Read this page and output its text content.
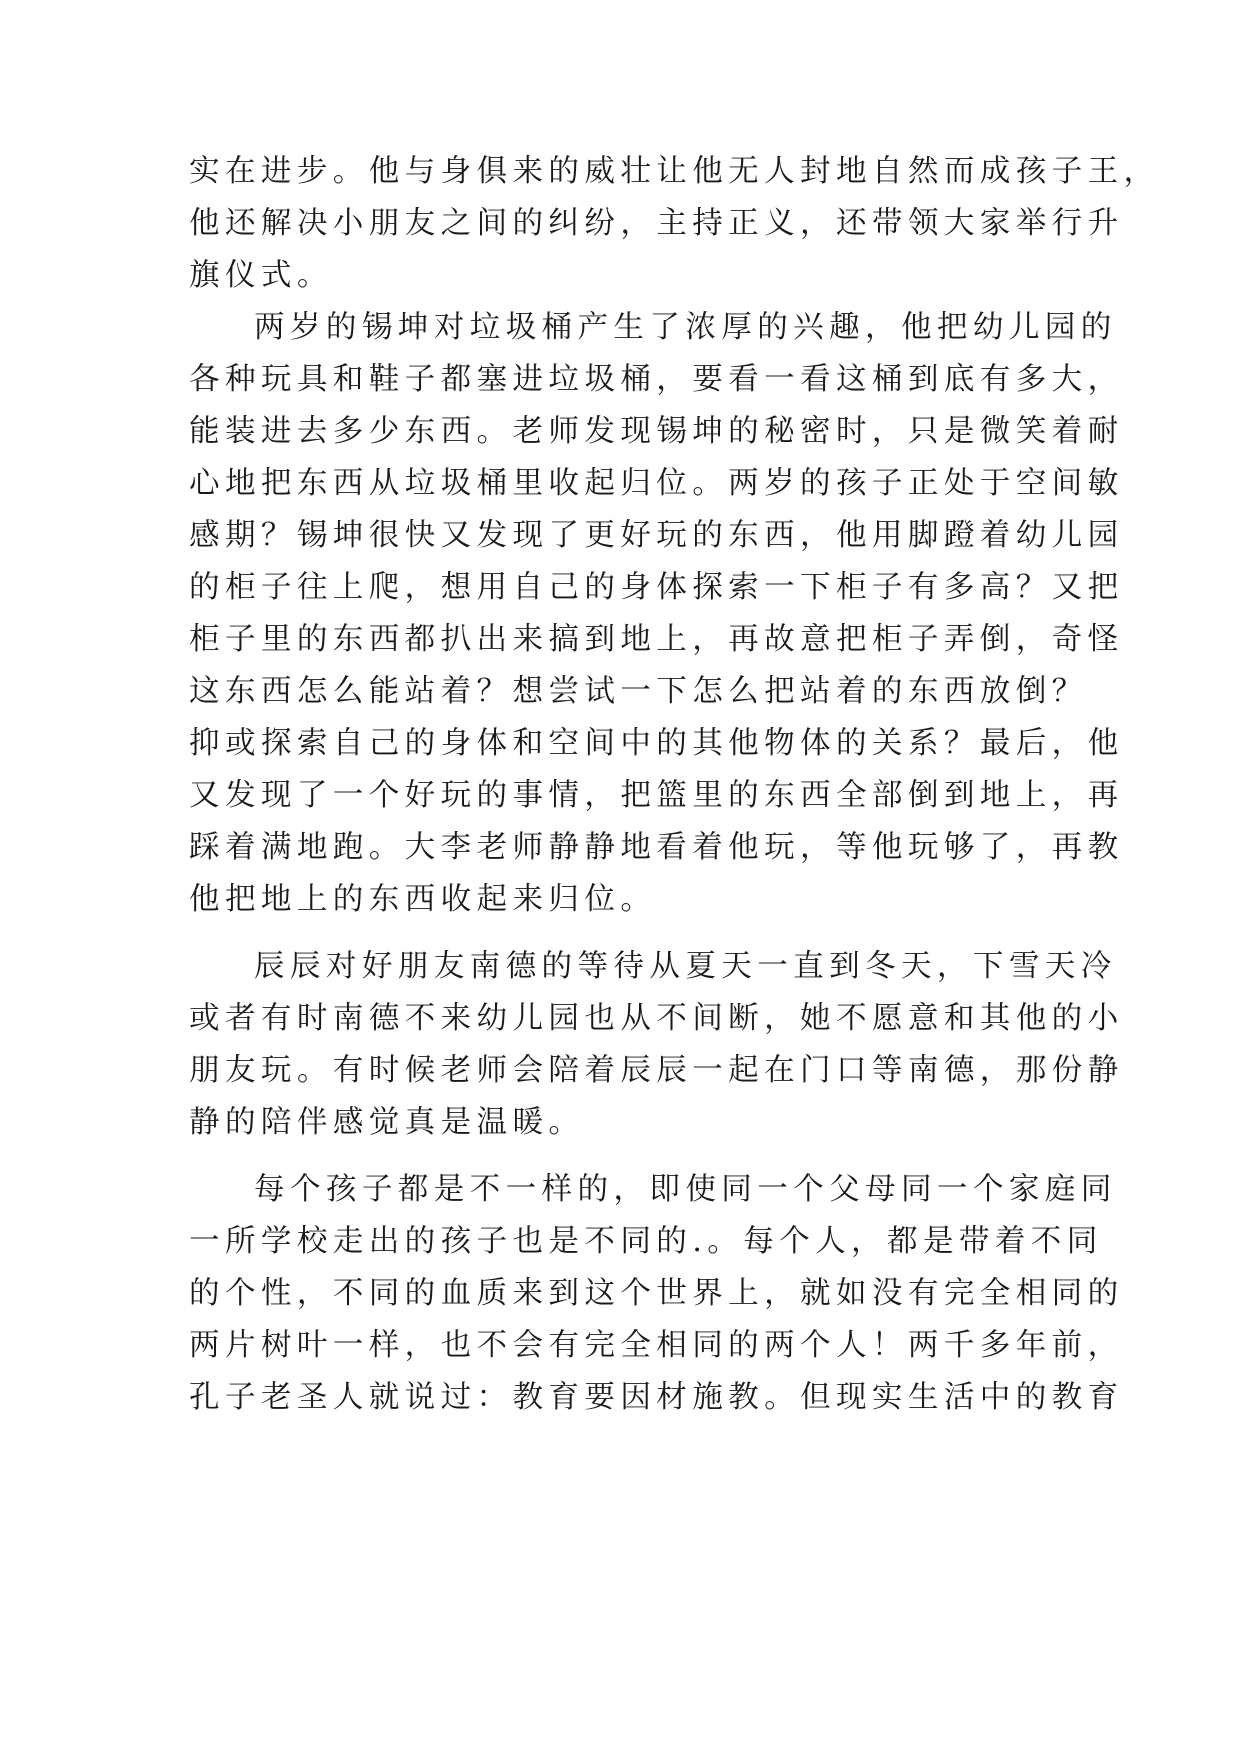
实在进步。他与身俱来的威壮让他无人封地自然而成孩子王，
他还解决小朋友之间的纠纷，主持正义，还带领大家举行升
旗仪式。
两岁的锡坤对垃圾桶产生了浓厚的兴趣，他把幼儿园的
各种玩具和鞋子都塞进垃圾桶，要看一看这桶到底有多大，
能装进去多少东西。老师发现锡坤的秘密时，只是微笑着耐
心地把东西从垃圾桶里收起归位。两岁的孩子正处于空间敏
感期？锡坤很快又发现了更好玩的东西，他用脚蹬着幼儿园
的柜子往上爬，想用自己的身体探索一下柜子有多高？又把
柜子里的东西都扒出来搞到地上，再故意把柜子弄倒，奇怪
这东西怎么能站着？想尝试一下怎么把站着的东西放倒？
抑或探索自己的身体和空间中的其他物体的关系？最后，他
又发现了一个好玩的事情，把篮里的东西全部倒到地上，再
踩着满地跑。大李老师静静地看着他玩，等他玩够了，再教
他把地上的东西收起来归位。
辰辰对好朋友南德的等待从夏天一直到冬天，下雪天冷
或者有时南德不来幼儿园也从不间断，她不愿意和其他的小
朋友玩。有时候老师会陪着辰辰一起在门口等南德，那份静
静的陪伴感觉真是温暖。
每个孩子都是不一样的，即使同一个父母同一个家庭同
一所学校走出的孩子也是不同的.。每个人，都是带着不同
的个性，不同的血质来到这个世界上，就如没有完全相同的
两片树叶一样，也不会有完全相同的两个人！两千多年前，
孔子老圣人就说过：教育要因材施教。但现实生活中的教育
